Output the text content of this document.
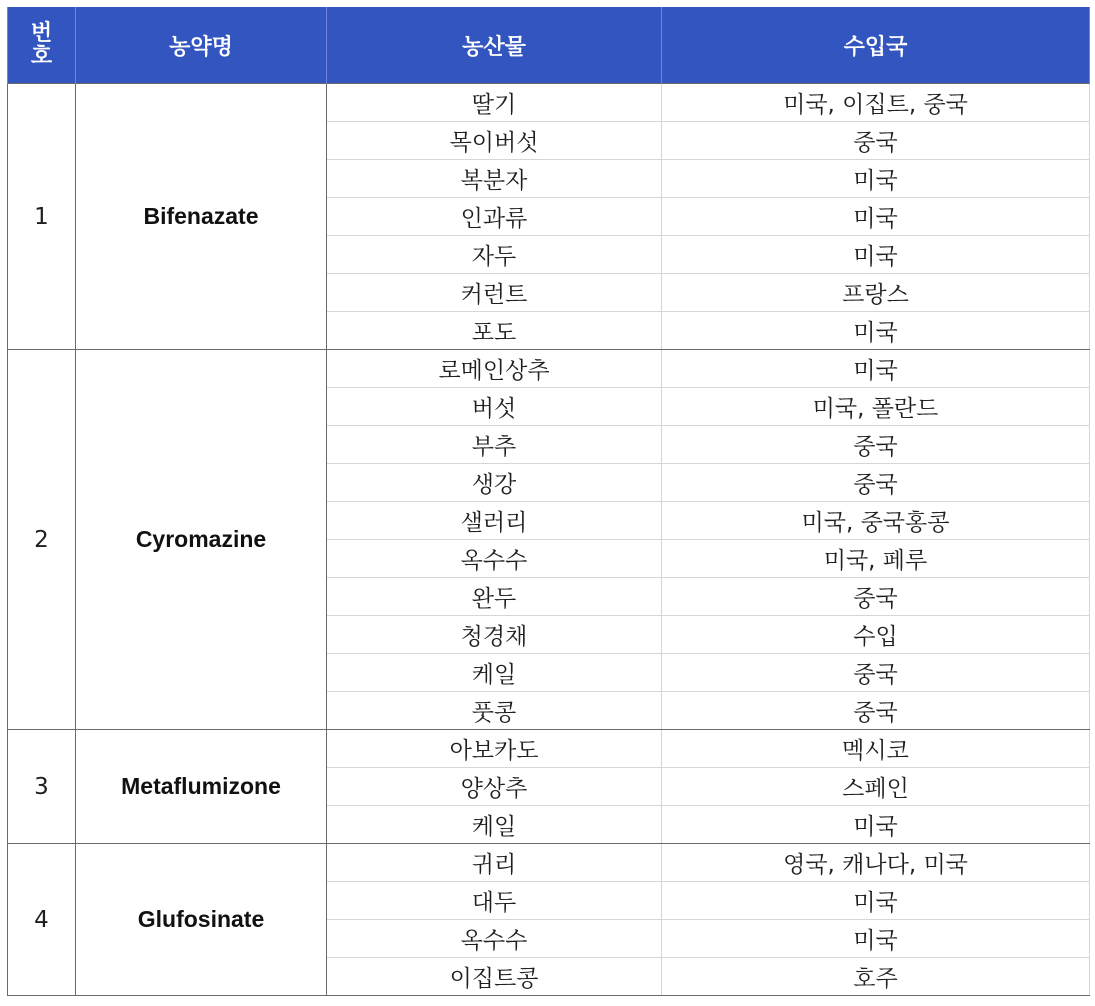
번
호	농약명	농산물	수입국
1	Bifenazate	딸기	미국, 이집트, 중국
		목이버섯	중국
		복분자	미국
		인과류	미국
		자두	미국
		커런트	프랑스
		포도	미국
2	Cyromazine	로메인상추	미국
		버섯	미국, 폴란드
		부추	중국
		생강	중국
		샐러리	미국, 중국홍콩
		옥수수	미국, 페루
		완두	중국
		청경채	수입
		케일	중국
		풋콩	중국
3	Metaflumizone	아보카도	멕시코
		양상추	스페인
		케일	미국
4	Glufosinate	귀리	영국, 캐나다, 미국
		대두	미국
		옥수수	미국
		이집트콩	호주
